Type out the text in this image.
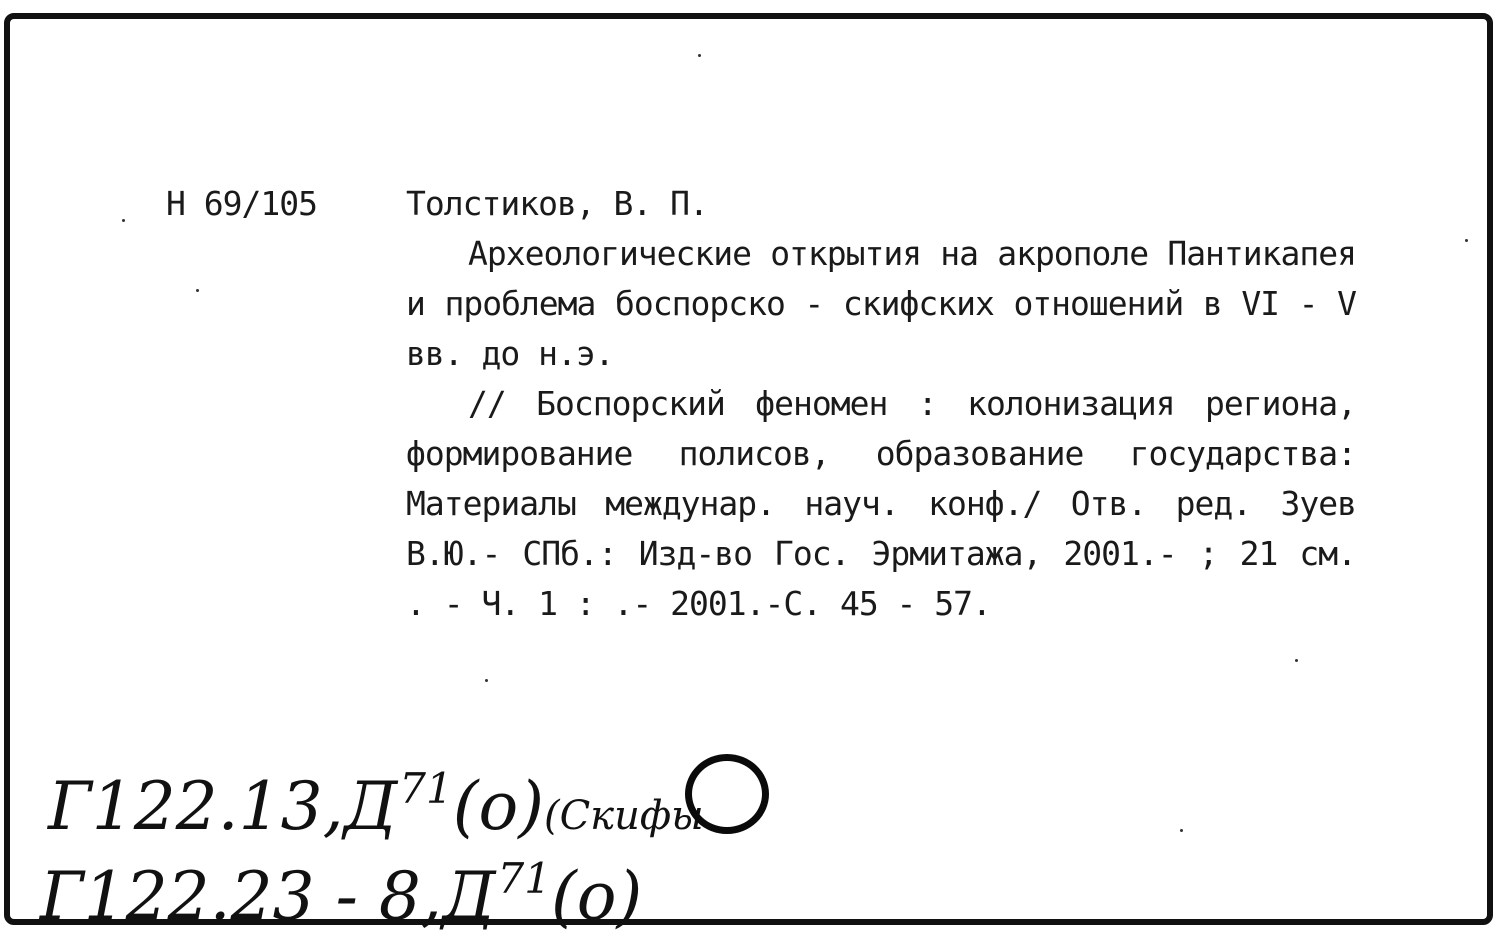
Н 69/105	Толстиков, В. П.

Археологические открытия на акрополе Пантикапея и проблема боспорско - скифских отношений в VI - V вв. до н.э.

// Боспорский феномен : колонизация региона, формирование полисов, образование государства: Материалы междунар. науч. конф./ Отв. ред. Зуев В.Ю.- СПб.: Изд-во Гос. Эрмитажа, 2001.- ; 21 см. . - Ч. 1 : .- 2001.-С. 45 - 57.

$Г122.13,Д^{71}(о)(Скифы$
$Г122.23 - 8,Д^{71}(о)$
